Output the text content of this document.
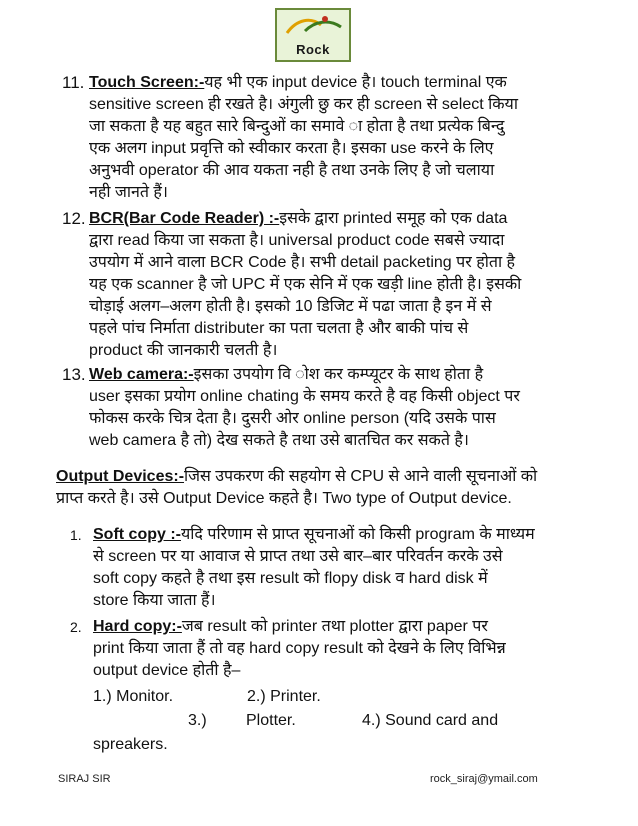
Rock
11. Touch Screen:-यह भी एक input device है। touch terminal एक
sensitive screen ही रखते है। अंगुली छु कर ही screen से select किया
जा सकता है यह बहुत सारे बिन्दुओं का समावे ा होता है तथा प्रत्येक बिन्दु
एक अलग input प्रवृत्ति को स्वीकार करता है। इसका use करने के लिए
अनुभवी operator की आव यकता नही है तथा उनके लिए है जो चलाया
नही जानते हैं।
12. BCR(Bar Code Reader) :-इसके द्वारा printed समूह को एक data
द्वारा read किया जा सकता है। universal product code सबसे ज्यादा
उपयोग में आने वाला BCR Code है। सभी detail packeting पर होता है
यह एक scanner है जो UPC में एक सेनि में एक खड़ी line होती है। इसकी
चोड़ाई अलग–अलग होती है। इसको 10 डिजिट में पढा जाता है इन में से
पहले पांच निर्माता distributer का पता चलता है और बाकी पांच से
product की जानकारी चलती है।
13. Web camera:-इसका उपयोग वि ोश कर कम्प्यूटर के साथ होता है
user इसका प्रयोग online chating के समय करते है वह किसी object पर
फोकस करके चित्र देता है। दुसरी ओर online person (यदि उसके पास
web camera है तो) देख सकते है तथा उसे बातचित कर सकते है।
Output Devices:-जिस उपकरण की सहयोग से CPU से आने वाली सूचनाओं को
प्राप्त करते है। उसे Output Device कहते है। Two type of Output device.
1. Soft copy :-यदि परिणाम से प्राप्त सूचनाओं को किसी program के माध्यम
से screen पर या आवाज से प्राप्त तथा उसे बार–बार परिवर्तन करके उसे
soft copy कहते है तथा इस result को flopy disk व hard disk में
store किया जाता हैं।
2. Hard copy:-जब result को printer तथा plotter द्वारा paper पर
print किया जाता हैं तो वह hard copy result को देखने के लिए विभिन्न
output device होती है–
1.) Monitor.	2.) Printer.
3.) Plotter.	4.) Sound card and
spreakers.
SIRAJ SIR	rock_siraj@ymail.com
